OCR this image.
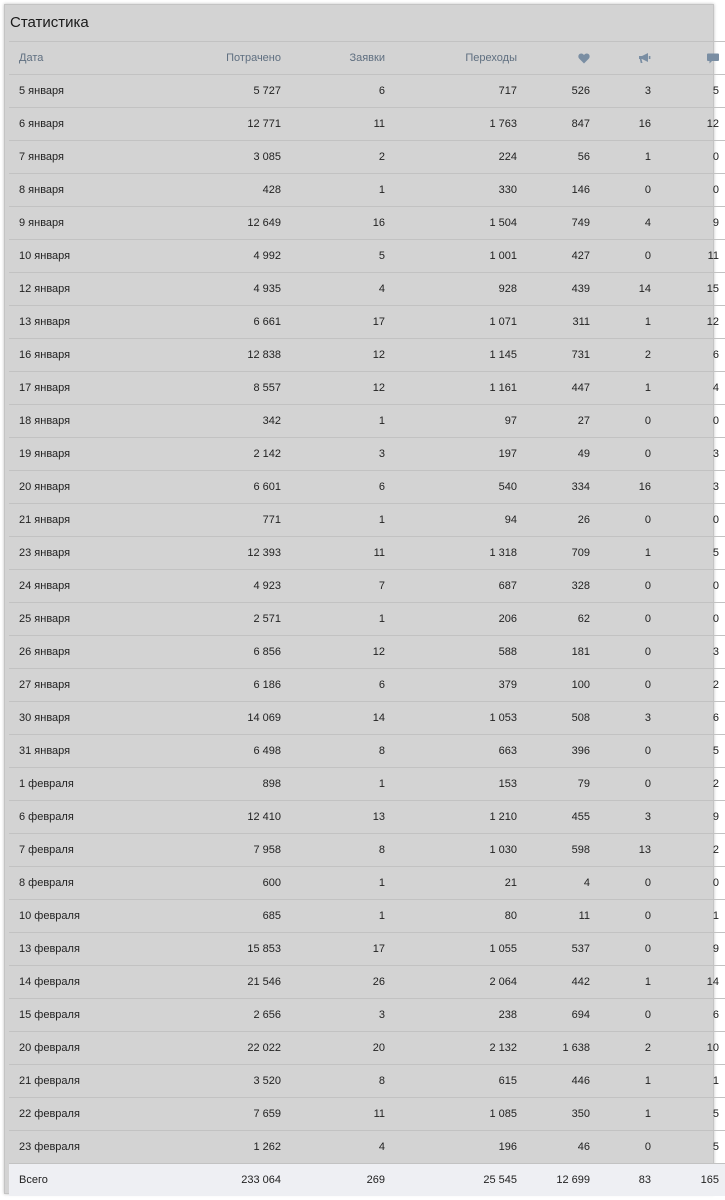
Статистика
Дата	Потрачено	Заявки	Переходы	

5 января	5 727	6	717	526	3	5
6 января	12 771	11	1 763	847	16	12
7 января	3 085	2	224	56	1	0
8 января	428	1	330	146	0	0
9 января	12 649	16	1 504	749	4	9
10 января	4 992	5	1 001	427	0	11
12 января	4 935	4	928	439	14	15
13 января	6 661	17	1 071	311	1	12
16 января	12 838	12	1 145	731	2	6
17 января	8 557	12	1 161	447	1	4
18 января	342	1	97	27	0	0
19 января	2 142	3	197	49	0	3
20 января	6 601	6	540	334	16	3
21 января	771	1	94	26	0	0
23 января	12 393	11	1 318	709	1	5
24 января	4 923	7	687	328	0	0
25 января	2 571	1	206	62	0	0
26 января	6 856	12	588	181	0	3
27 января	6 186	6	379	100	0	2
30 января	14 069	14	1 053	508	3	6
31 января	6 498	8	663	396	0	5
1 февраля	898	1	153	79	0	2
6 февраля	12 410	13	1 210	455	3	9
7 февраля	7 958	8	1 030	598	13	2
8 февраля	600	1	21	4	0	0
10 февраля	685	1	80	11	0	1
13 февраля	15 853	17	1 055	537	0	9
14 февраля	21 546	26	2 064	442	1	14
15 февраля	2 656	3	238	694	0	6
20 февраля	22 022	20	2 132	1 638	2	10
21 февраля	3 520	8	615	446	1	1
22 февраля	7 659	11	1 085	350	1	5
23 февраля	1 262	4	196	46	0	5
Всего	233 064	269	25 545	12 699	83	165
